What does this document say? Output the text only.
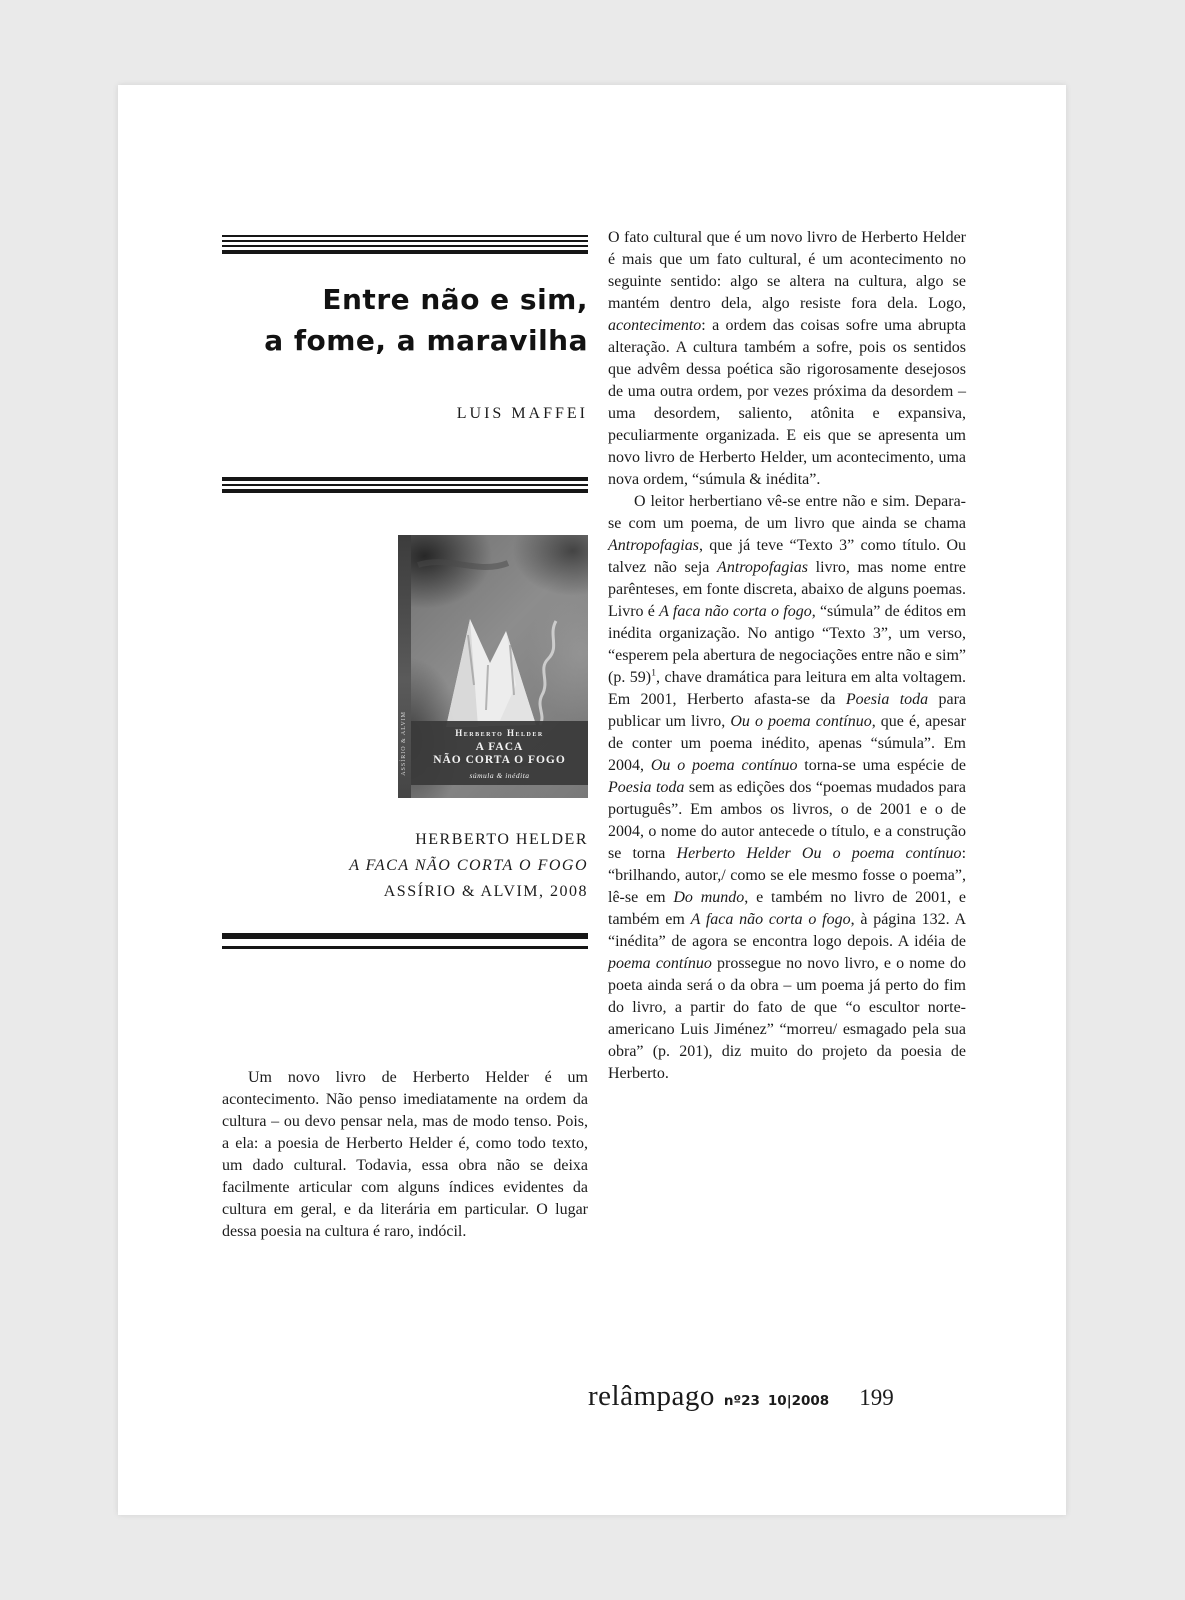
Entre não e sim,
a fome, a maravilha
LUIS MAFFEI
ASSÍRIO & ALVIM	Herberto Helder
A FACA
NÃO CORTA O FOGO
súmula & inédita
HERBERTO HELDER
A FACA NÃO CORTA O FOGO
ASSÍRIO & ALVIM, 2008

Um novo livro de Herberto Helder é um acontecimento. Não penso imediatamente na ordem da cultura – ou devo pensar nela, mas de modo tenso. Pois, a ela: a poesia de Herberto Helder é, como todo texto, um dado cultural. Todavia, essa obra não se deixa facilmente articular com alguns índices evidentes da cultura em geral, e da literária em particular. O lugar dessa poesia na cultura é raro, indócil.

O fato cultural que é um novo livro de Herberto Helder é mais que um fato cultural, é um acontecimento no seguinte sentido: algo se altera na cultura, algo se mantém dentro dela, algo resiste fora dela. Logo, acontecimento: a ordem das coisas sofre uma abrupta alteração. A cultura também a sofre, pois os sentidos que advêm dessa poética são rigorosamente desejosos de uma outra ordem, por vezes próxima da desordem – uma desordem, saliento, atônita e expansiva, peculiarmente organizada. E eis que se apresenta um novo livro de Herberto Helder, um acontecimento, uma nova ordem, “súmula & inédita”.

O leitor herbertiano vê-se entre não e sim. Depara-se com um poema, de um livro que ainda se chama Antropofagias, que já teve “Texto 3” como título. Ou talvez não seja Antropofagias livro, mas nome entre parênteses, em fonte discreta, abaixo de alguns poemas. Livro é A faca não corta o fogo, “súmula” de éditos em inédita organização. No antigo “Texto 3”, um verso, “esperem pela abertura de negociações entre não e sim” (p. 59)$^1$, chave dramática para leitura em alta voltagem. Em 2001, Herberto afasta-se da Poesia toda para publicar um livro, Ou o poema contínuo, que é, apesar de conter um poema inédito, apenas “súmula”. Em 2004, Ou o poema contínuo torna-se uma espécie de Poesia toda sem as edições dos “poemas mudados para português”. Em ambos os livros, o de 2001 e o de 2004, o nome do autor antecede o título, e a construção se torna Herberto Helder Ou o poema contínuo: “brilhando, autor,/ como se ele mesmo fosse o poema”, lê-se em Do mundo, e também no livro de 2001, e também em A faca não corta o fogo, à página 132. A “inédita” de agora se encontra logo depois. A idéia de poema contínuo prossegue no novo livro, e o nome do poeta ainda será o da obra – um poema já perto do fim do livro, a partir do fato de que “o escultor norte-americano Luis Jiménez” “morreu/ esmagado pela sua obra” (p. 201), diz muito do projeto da poesia de Herberto.

relâmpago nº23 10|2008 199
